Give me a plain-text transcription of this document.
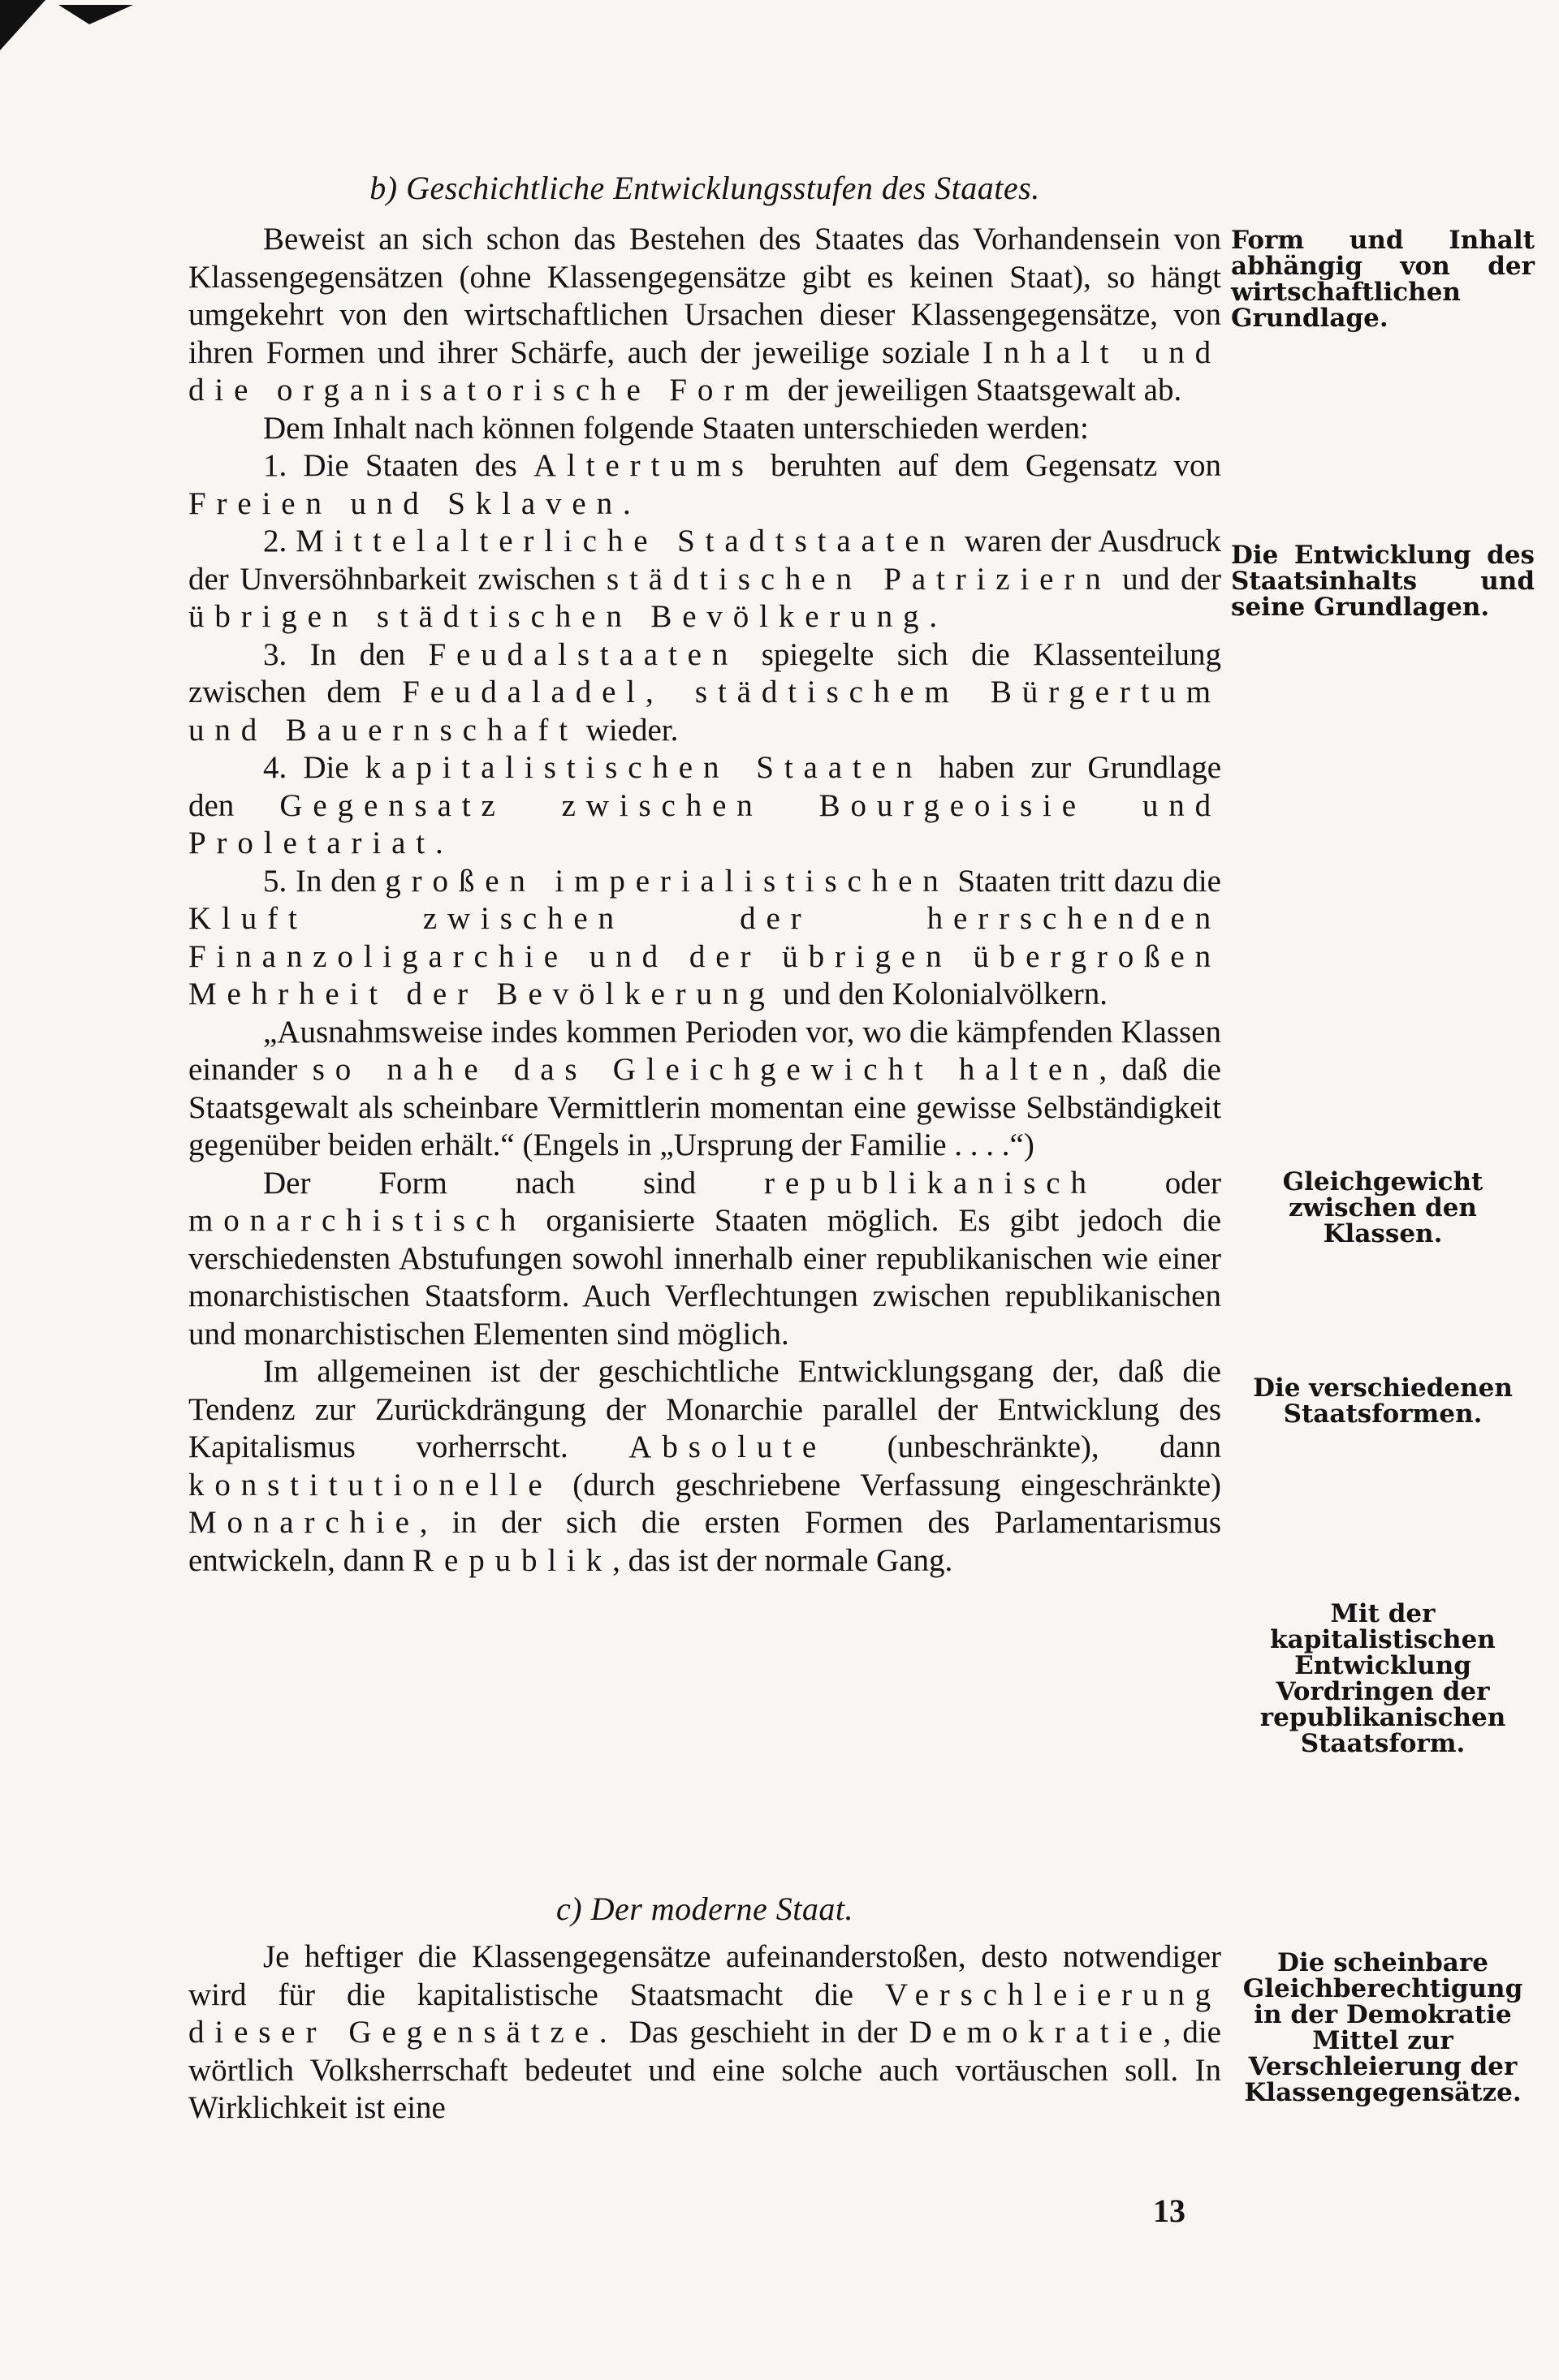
b) Geschichtliche Entwicklungsstufen des Staates.

Beweist an sich schon das Bestehen des Staates das Vorhandensein von Klassengegensätzen (ohne Klassengegensätze gibt es keinen Staat), so hängt umgekehrt von den wirtschaftlichen Ursachen dieser Klassengegensätze, von ihren Formen und ihrer Schärfe, auch der jeweilige soziale Inhalt und die organisatorische Form der jeweiligen Staatsgewalt ab.

Dem Inhalt nach können folgende Staaten unterschieden werden:

1. Die Staaten des Altertums beruhten auf dem Gegensatz von Freien und Sklaven.

2. Mittelalterliche Stadtstaaten waren der Ausdruck der Unversöhnbarkeit zwischen städtischen Patriziern und der übrigen städtischen Bevölkerung.

3. In den Feudalstaaten spiegelte sich die Klassenteilung zwischen dem Feudaladel, städtischem Bürgertum und Bauernschaft wieder.

4. Die kapitalistischen Staaten haben zur Grundlage den Gegensatz zwischen Bourgeoisie und Proletariat.

5. In den großen imperialistischen Staaten tritt dazu die Kluft zwischen der herrschenden Finanzoligarchie und der übrigen übergroßen Mehrheit der Bevölkerung und den Kolonialvölkern.

„Ausnahmsweise indes kommen Perioden vor, wo die kämpfenden Klassen einander so nahe das Gleichgewicht halten, daß die Staatsgewalt als scheinbare Vermittlerin momentan eine gewisse Selbständigkeit gegenüber beiden erhält.“ (Engels in „Ursprung der Familie . . . .“)

Der Form nach sind republikanisch oder monarchistisch organisierte Staaten möglich. Es gibt jedoch die verschiedensten Abstufungen sowohl innerhalb einer republikanischen wie einer monarchistischen Staatsform. Auch Verflechtungen zwischen republikanischen und monarchistischen Elementen sind möglich.

Im allgemeinen ist der geschichtliche Entwicklungsgang der, daß die Tendenz zur Zurückdrängung der Monarchie parallel der Entwicklung des Kapitalismus vorherrscht. Absolute (unbeschränkte), dann konstitutionelle (durch geschriebene Verfassung eingeschränkte) Monarchie, in der sich die ersten Formen des Parlamentarismus entwickeln, dann Republik, das ist der normale Gang.

c) Der moderne Staat.

Je heftiger die Klassengegensätze aufeinanderstoßen, desto notwendiger wird für die kapitalistische Staatsmacht die Verschleierung dieser Gegensätze. Das geschieht in der Demokratie, die wörtlich Volksherrschaft bedeutet und eine solche auch vortäuschen soll. In Wirklichkeit ist eine

Form und Inhalt abhängig von der wirtschaftlichen Grundlage.
Die Entwicklung des Staatsinhalts und seine Grundlagen.
Gleichgewicht zwischen den Klassen.
Die verschiedenen Staatsformen.
Mit der kapitalistischen Entwicklung Vordringen der republikanischen Staatsform.
Die scheinbare Gleichberechtigung in der Demokratie Mittel zur Verschleierung der Klassengegensätze.
13
